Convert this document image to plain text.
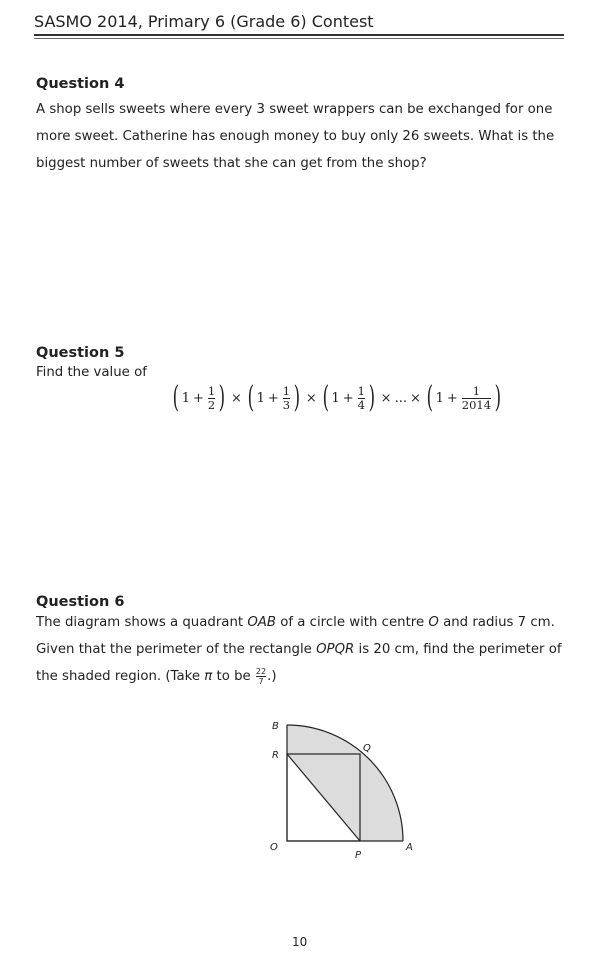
SASMO 2014, Primary 6 (Grade 6) Contest
Question 4

A shop sells sweets where every 3 sweet wrappers can be exchanged for one

more sweet. Catherine has enough money to buy only 26 sweets. What is the

biggest number of sweets that she can get from the shop?

Question 5
Find the value of
( $1 + \frac{1}{2}$ ) × ( $1 + \frac{1}{3}$ ) × ( $1 + \frac{1}{4}$ ) × ... × ( $1 + \frac{1}{2014}$ )
Question 6

The diagram shows a quadrant OAB of a circle with centre O and radius 7 cm.

Given that the perimeter of the rectangle OPQR is 20 cm, find the perimeter of

the shaded region. (Take π to be $\frac{22}{7}$ .)

B
R
Q
O
P
A
10
